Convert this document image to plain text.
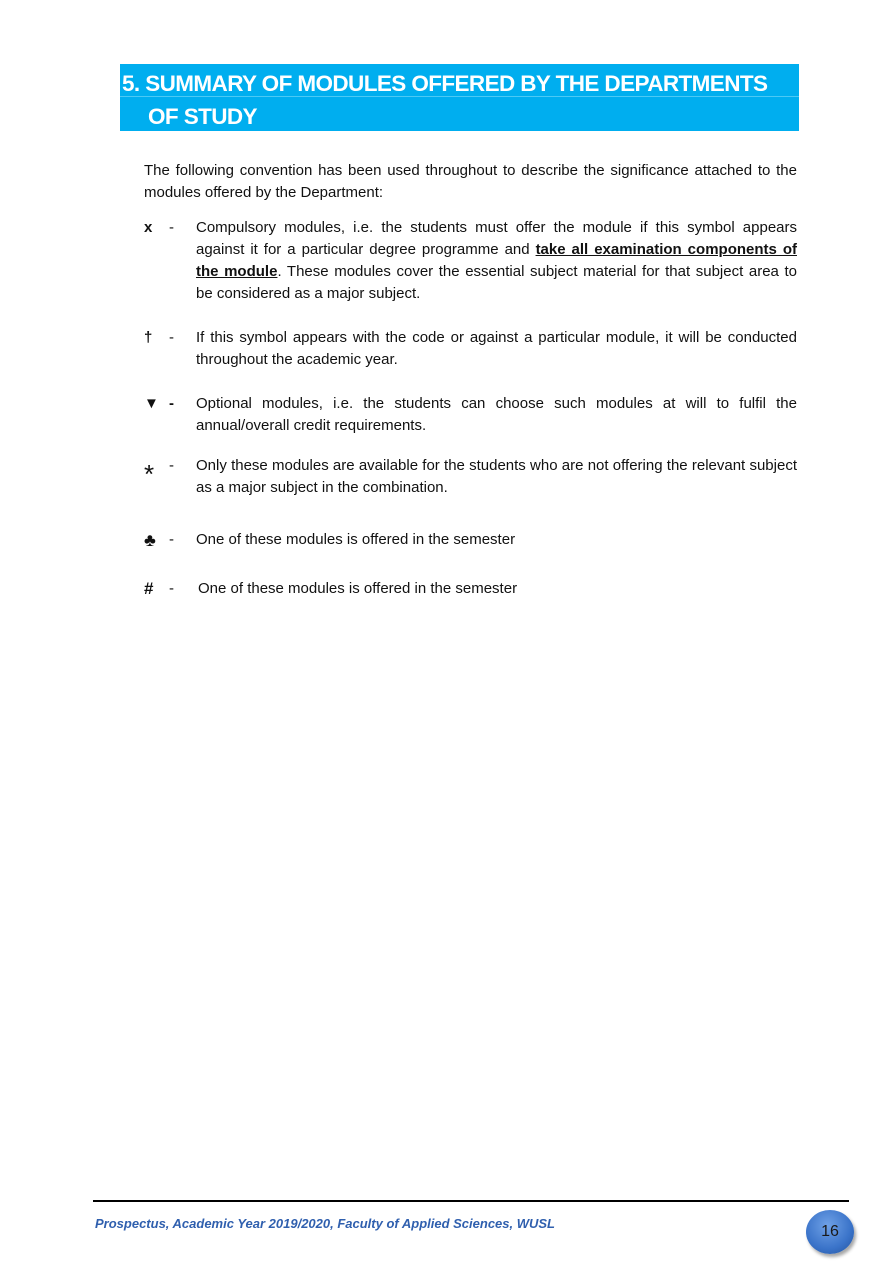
5. SUMMARY OF MODULES OFFERED BY THE DEPARTMENTS
OF STUDY

The following convention has been used throughout to describe the significance attached to the modules offered by the Department:

x	- Compulsory modules, i.e. the students must offer the module if this symbol appears against it for a particular degree programme and take all examination components of the module. These modules cover the essential subject material for that subject area to be considered as a major subject.
†	- If this symbol appears with the code or against a particular module, it will be conducted throughout the academic year.
▼ - Optional modules, i.e. the students can choose such modules at will to fulfil the annual/overall credit requirements.
* - Only these modules are available for the students who are not offering the relevant subject as a major subject in the combination.
♣ - One of these modules is offered in the semester
#	- One of these modules is offered in the semester
Prospectus, Academic Year 2019/2020, Faculty of Applied Sciences, WUSL	16
